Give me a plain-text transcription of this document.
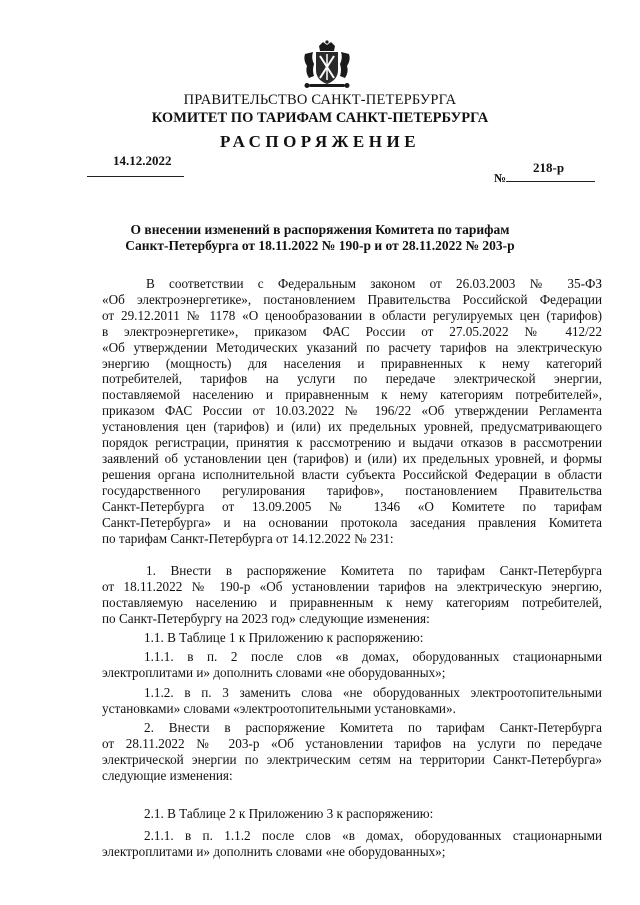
ПРАВИТЕЛЬСТВО САНКТ-ПЕТЕРБУРГА
КОМИТЕТ ПО ТАРИФАМ САНКТ-ПЕТЕРБУРГА
РАСПОРЯЖЕНИЕ
14.12.2022
№
218-р
О внесении изменений в распоряжения Комитета по тарифам
Санкт-Петербурга от 18.11.2022 № 190-р и от 28.11.2022 № 203-р

В соответствии с Федеральным законом от 26.03.2003 № 35-ФЗ
«Об электроэнергетике», постановлением Правительства Российской Федерации
от 29.12.2011 № 1178 «О ценообразовании в области регулируемых цен (тарифов)
в электроэнергетике», приказом ФАС России от 27.05.2022 № 412/22
«Об утверждении Методических указаний по расчету тарифов на электрическую
энергию (мощность) для населения и приравненных к нему категорий
потребителей, тарифов на услуги по передаче электрической энергии,
поставляемой населению и приравненным к нему категориям потребителей»,
приказом ФАС России от 10.03.2022 № 196/22 «Об утверждении Регламента
установления цен (тарифов) и (или) их предельных уровней, предусматривающего
порядок регистрации, принятия к рассмотрению и выдачи отказов в рассмотрении
заявлений об установлении цен (тарифов) и (или) их предельных уровней, и формы
решения органа исполнительной власти субъекта Российской Федерации в области
государственного регулирования тарифов», постановлением Правительства
Санкт-Петербурга от 13.09.2005 № 1346 «О Комитете по тарифам
Санкт-Петербурга» и на основании протокола заседания правления Комитета
по тарифам Санкт-Петербурга от 14.12.2022 № 231:

1. Внести в распоряжение Комитета по тарифам Санкт-Петербурга
от 18.11.2022 № 190-р «Об установлении тарифов на электрическую энергию,
поставляемую населению и приравненным к нему категориям потребителей,
по Санкт-Петербургу на 2023 год» следующие изменения:

1.1. В Таблице 1 к Приложению к распоряжению:

1.1.1. в п. 2 после слов «в домах, оборудованных стационарными
электроплитами и» дополнить словами «не оборудованных»;

1.1.2. в п. 3 заменить слова «не оборудованных электроотопительными
установками» словами «электроотопительными установками».

2. Внести в распоряжение Комитета по тарифам Санкт-Петербурга
от 28.11.2022 № 203-р «Об установлении тарифов на услуги по передаче
электрической энергии по электрическим сетям на территории Санкт-Петербурга»
следующие изменения:

2.1. В Таблице 2 к Приложению 3 к распоряжению:

2.1.1. в п. 1.1.2 после слов «в домах, оборудованных стационарными
электроплитами и» дополнить словами «не оборудованных»;
